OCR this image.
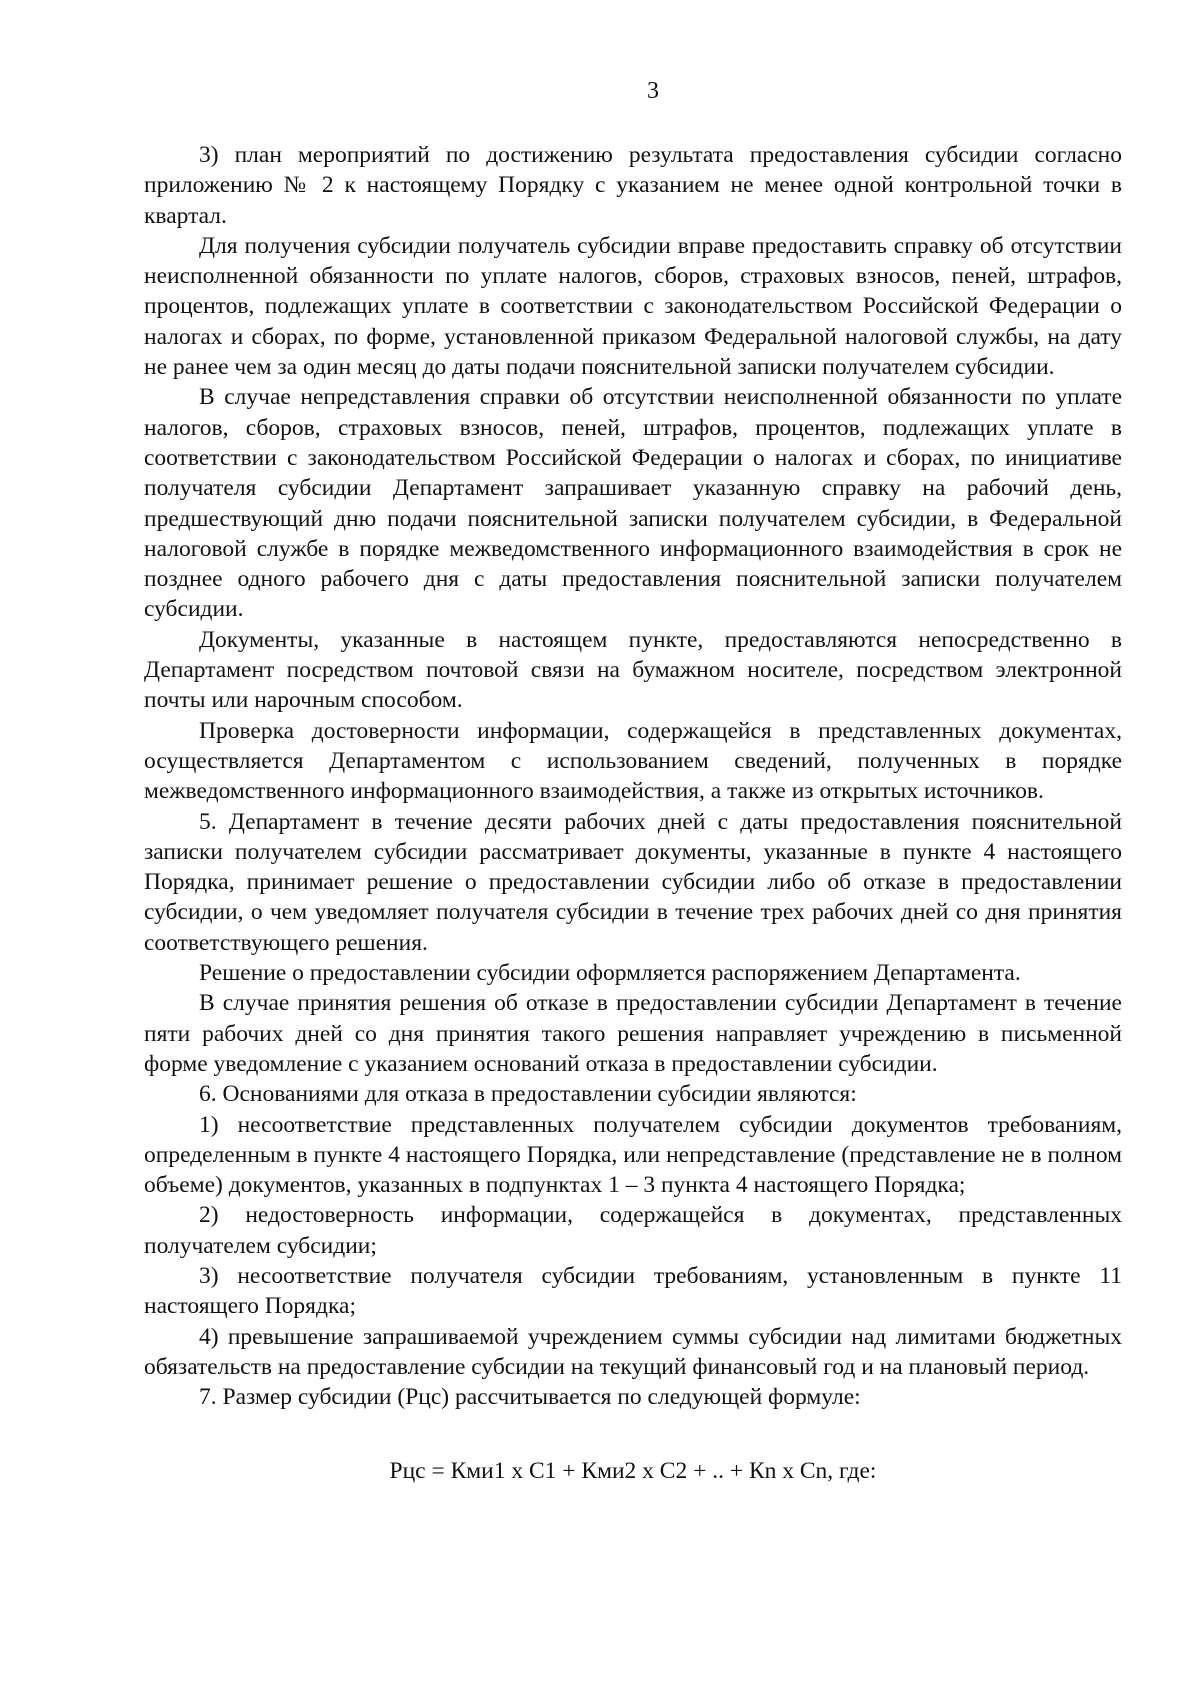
3

3) план мероприятий по достижению результата предоставления субсидии согласно приложению № 2 к настоящему Порядку с указанием не менее одной контрольной точки в квартал.

Для получения субсидии получатель субсидии вправе предоставить справку об отсутствии неисполненной обязанности по уплате налогов, сборов, страховых взносов, пеней, штрафов, процентов, подлежащих уплате в соответствии с законодательством Российской Федерации о налогах и сборах, по форме, установленной приказом Федеральной налоговой службы, на дату не ранее чем за один месяц до даты подачи пояснительной записки получателем субсидии.

В случае непредставления справки об отсутствии неисполненной обязанности по уплате налогов, сборов, страховых взносов, пеней, штрафов, процентов, подлежащих уплате в соответствии с законодательством Российской Федерации о налогах и сборах, по инициативе получателя субсидии Департамент запрашивает указанную справку на рабочий день, предшествующий дню подачи пояснительной записки получателем субсидии, в Федеральной налоговой службе в порядке межведомственного информационного взаимодействия в срок не позднее одного рабочего дня с даты предоставления пояснительной записки получателем субсидии.

Документы, указанные в настоящем пункте, предоставляются непосредственно в Департамент посредством почтовой связи на бумажном носителе, посредством электронной почты или нарочным способом.

Проверка достоверности информации, содержащейся в представленных документах, осуществляется Департаментом с использованием сведений, полученных в порядке межведомственного информационного взаимодействия, а также из открытых источников.

5. Департамент в течение десяти рабочих дней с даты предоставления пояснительной записки получателем субсидии рассматривает документы, указанные в пункте 4 настоящего Порядка, принимает решение о предоставлении субсидии либо об отказе в предоставлении субсидии, о чем уведомляет получателя субсидии в течение трех рабочих дней со дня принятия соответствующего решения.

Решение о предоставлении субсидии оформляется распоряжением Департамента.

В случае принятия решения об отказе в предоставлении субсидии Департамент в течение пяти рабочих дней со дня принятия такого решения направляет учреждению в письменной форме уведомление с указанием оснований отказа в предоставлении субсидии.

6. Основаниями для отказа в предоставлении субсидии являются:

1) несоответствие представленных получателем субсидии документов требованиям, определенным в пункте 4 настоящего Порядка, или непредставление (представление не в полном объеме) документов, указанных в подпунктах 1 – 3 пункта 4 настоящего Порядка;

2) недостоверность информации, содержащейся в документах, представленных получателем субсидии;

3) несоответствие получателя субсидии требованиям, установленным в пункте 11 настоящего Порядка;

4) превышение запрашиваемой учреждением суммы субсидии над лимитами бюджетных обязательств на предоставление субсидии на текущий финансовый год и на плановый период.

7. Размер субсидии (Рцс) рассчитывается по следующей формуле:

Рцс = Кми1 х С1 + Кми2 х С2 + .. + Кn х Сn, где:
